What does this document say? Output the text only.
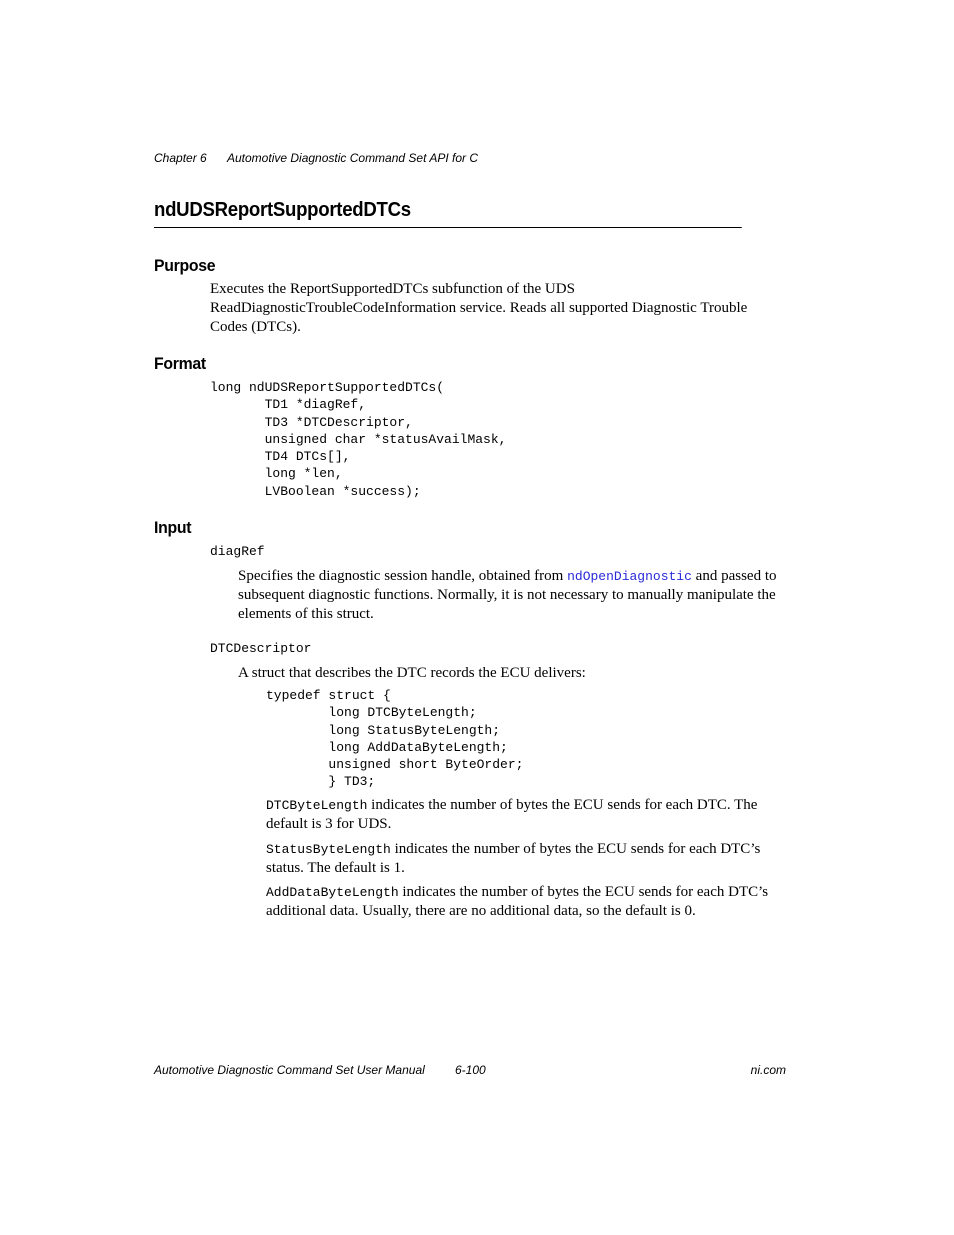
Chapter 6 Automotive Diagnostic Command Set API for C
ndUDSReportSupportedDTCs
Purpose
Executes the ReportSupportedDTCs subfunction of the UDS ReadDiagnosticTroubleCodeInformation service. Reads all supported Diagnostic Trouble Codes (DTCs).
Format
long ndUDSReportSupportedDTCs(
TD1 *diagRef,
TD3 *DTCDescriptor,
unsigned char *statusAvailMask,
TD4 DTCs[],
long *len,
LVBoolean *success);
Input
diagRef
Specifies the diagnostic session handle, obtained from ndOpenDiagnostic and passed to subsequent diagnostic functions. Normally, it is not necessary to manually manipulate the elements of this struct.
DTCDescriptor
A struct that describes the DTC records the ECU delivers:
typedef struct {
long DTCByteLength;
long StatusByteLength;
long AddDataByteLength;
unsigned short ByteOrder;
} TD3;
DTCByteLength indicates the number of bytes the ECU sends for each DTC. The default is 3 for UDS.
StatusByteLength indicates the number of bytes the ECU sends for each DTC’s status. The default is 1.
AddDataByteLength indicates the number of bytes the ECU sends for each DTC’s additional data. Usually, there are no additional data, so the default is 0.
Automotive Diagnostic Command Set User Manual	6-100	ni.com
